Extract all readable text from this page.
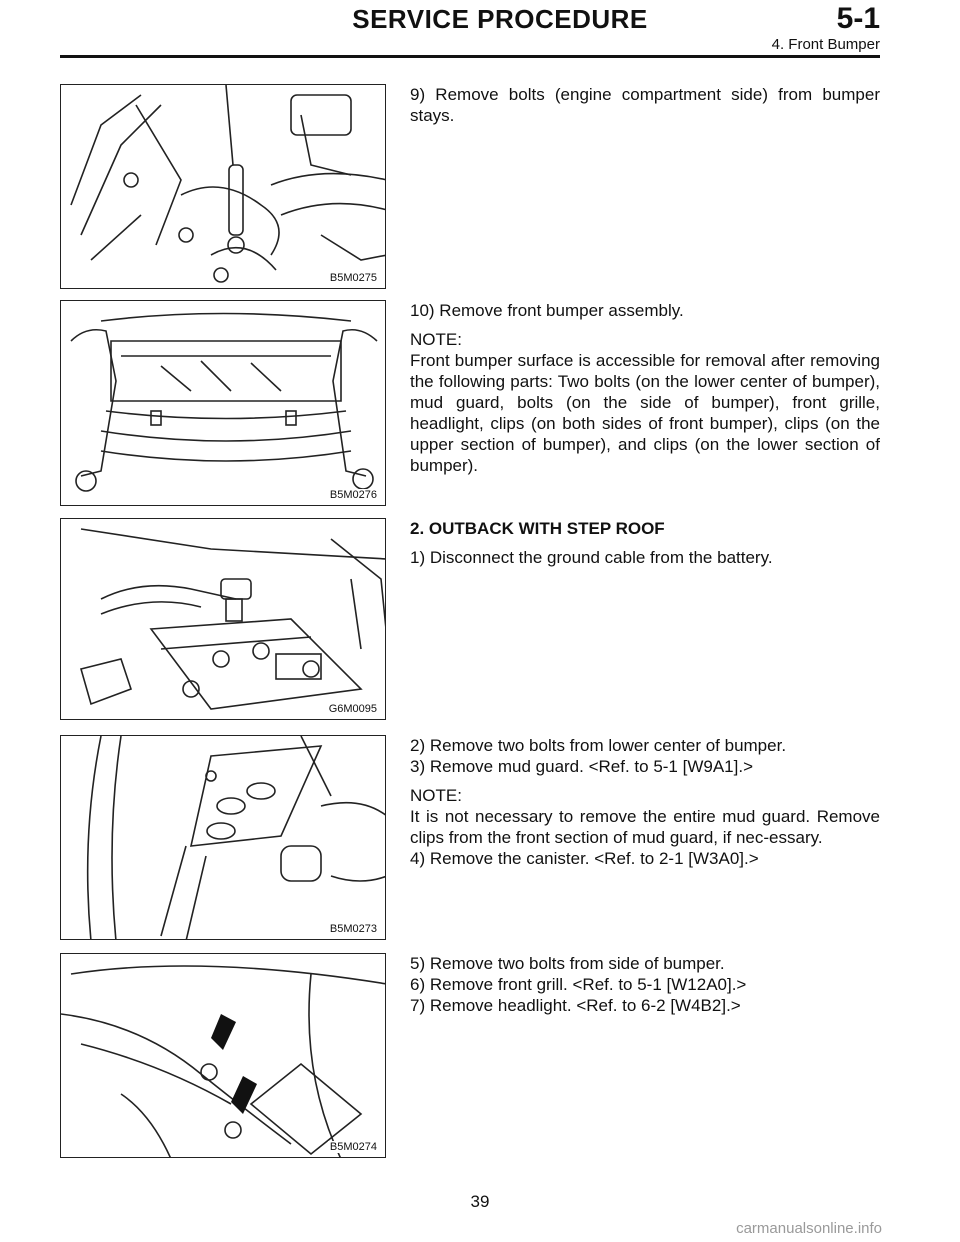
SERVICE PROCEDURE	5-1
4. Front Bumper
B5M0275

9) Remove bolts (engine compartment side) from bumper stays.

B5M0276

10) Remove front bumper assembly.

NOTE:

Front bumper surface is accessible for removal after removing the following parts: Two bolts (on the lower center of bumper), mud guard, bolts (on the side of bumper), front grille, headlight, clips (on both sides of front bumper), clips (on the upper section of bumper), and clips (on the lower section of bumper).

G6M0095

2. OUTBACK WITH STEP ROOF

1) Disconnect the ground cable from the battery.

B5M0273

2) Remove two bolts from lower center of bumper.
3) Remove mud guard. <Ref. to 5-1 [W9A1].>

NOTE:

It is not necessary to remove the entire mud guard. Remove clips from the front section of mud guard, if nec-essary.

4) Remove the canister. <Ref. to 2-1 [W3A0].>

B5M0274

5) Remove two bolts from side of bumper.
6) Remove front grill. <Ref. to 5-1 [W12A0].>
7) Remove headlight. <Ref. to 6-2 [W4B2].>

39
carmanualsonline.info
